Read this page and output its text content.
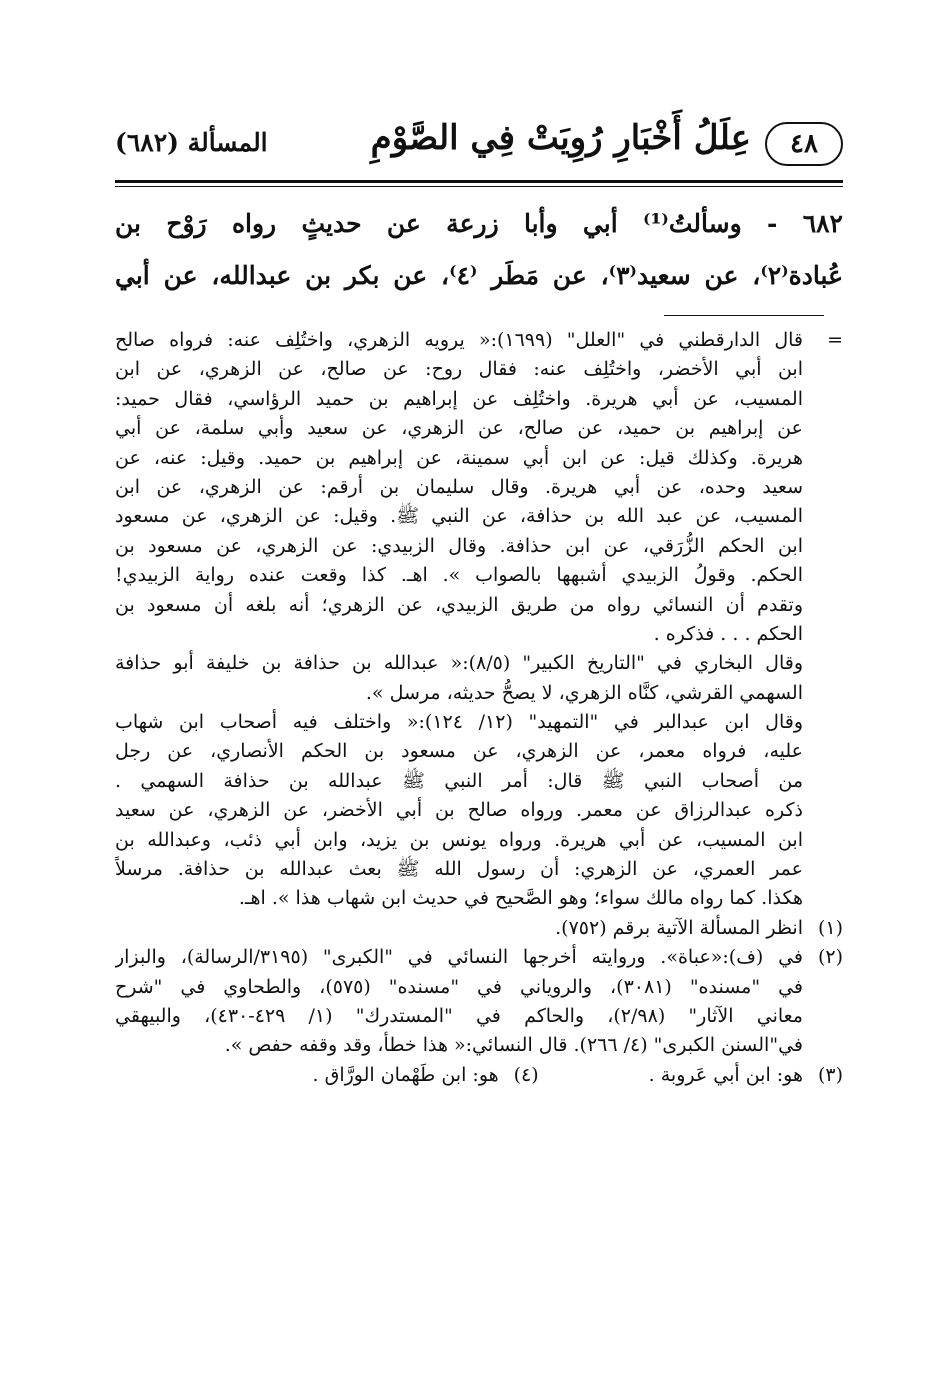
٤٨
عِلَلُ أَخْبَارِ رُوِيَتْ فِي الصَّوْمِ
المسألة (٦٨٢)
٦٨٢ - وسألتُ⁽¹⁾ أبي وأبا زرعة عن حديثٍ رواه رَوْح بن
عُبادة⁽٢⁾، عن سعيد⁽٣⁾، عن مَطَر ⁽٤⁾، عن بكر بن عبدالله، عن أبي
=
قال الدارقطني في "العلل" (١٦٩٩):« يرويه الزهري، واختُلِف عنه: فرواه صالح
ابن أبي الأخضر، واختُلِف عنه: فقال روح: عن صالح، عن الزهري، عن ابن
المسيب، عن أبي هريرة. واختُلِف عن إبراهيم بن حميد الرؤاسي، فقال حميد:
عن إبراهيم بن حميد، عن صالح، عن الزهري، عن سعيد وأبي سلمة، عن أبي
هريرة. وكذلك قيل: عن ابن أبي سمينة، عن إبراهيم بن حميد. وقيل: عنه، عن
سعيد وحده، عن أبي هريرة. وقال سليمان بن أرقم: عن الزهري، عن ابن
المسيب، عن عبد الله بن حذافة، عن النبي ﷺ. وقيل: عن الزهري، عن مسعود
ابن الحكم الزُّرَقي، عن ابن حذافة. وقال الزبيدي: عن الزهري، عن مسعود بن
الحكم. وقولُ الزبيدي أشبهها بالصواب ». اهـ. كذا وقعت عنده رواية الزبيدي!
وتقدم أن النسائي رواه من طريق الزبيدي، عن الزهري؛ أنه بلغه أن مسعود بن
الحكم . . . فذكره .
وقال البخاري في "التاريخ الكبير" (٨/٥):« عبدالله بن حذافة بن خليفة أبو حذافة
السهمي القرشي، كنَّاه الزهري، لا يصحُّ حديثه، مرسل ».
وقال ابن عبدالبر في "التمهيد" (١٢/ ١٢٤):« واختلف فيه أصحاب ابن شهاب
عليه، فرواه معمر، عن الزهري، عن مسعود بن الحكم الأنصاري، عن رجل
من أصحاب النبي ﷺ قال: أمر النبي ﷺ عبدالله بن حذافة السهمي .
ذكره عبدالرزاق عن معمر. ورواه صالح بن أبي الأخضر، عن الزهري، عن سعيد
ابن المسيب، عن أبي هريرة. ورواه يونس بن يزيد، وابن أبي ذئب، وعبدالله بن
عمر العمري، عن الزهري: أن رسول الله ﷺ بعث عبدالله بن حذافة. مرسلاً
هكذا. كما رواه مالك سواء؛ وهو الصَّحيح في حديث ابن شهاب هذا ». اهـ.
(١)
انظر المسألة الآتية برقم (٧٥٢).
(٢)
في (ف):«عباة». وروايته أخرجها النسائي في "الكبرى" (٣١٩٥/الرسالة)، والبزار
في "مسنده" (٣٠٨١)، والروياني في "مسنده" (٥٧٥)، والطحاوي في "شرح
معاني الآثار" (٢/٩٨)، والحاكم في "المستدرك" (١/ ٤٢٩-٤٣٠)، والبيهقي
في"السنن الكبرى" (٤/ ٢٦٦). قال النسائي:« هذا خطأ، وقد وقفه حفص ».
(٣)
هو: ابن أبي عَروبة .
(٤)
هو: ابن طَهْمان الورَّاق .
